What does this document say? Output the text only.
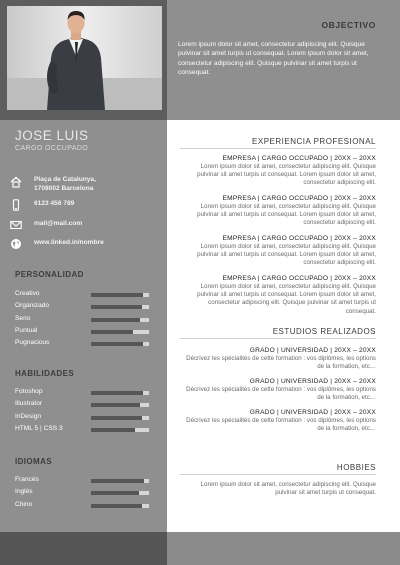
JOSE LUIS
CARGO OCCUPADO
Plaça de Catalunya,
1708002 Barcelona
6123 456 789
mail@mail.com
www.linked.in/nombre
PERSONALIDAD
Creativo
Organizado
Serio
Puntual
Pugnacious
HABILIDADES
Fotoshop
Illustrator
InDesign
HTML 5 | CSS 3
IDIOMAS
Francés
Inglés
Chino
OBJECTIVO
Lorem ipsum dolor sit amet, consectetur adipiscing elit. Quisque pulvinar sit amet turpis ut consequat. Lorem ipsum dolor sit amet, consectetur adipiscing elit. Quisque pulvinar sit amet turpis ut consequat.
EXPERIENCIA PROFESIONAL
EMPRESA | CARGO OCCUPADO | 20XX – 20XX
Lorem ipsum dolor sit amet, consectetur adipiscing elit. Quisque pulvinar sit amet turpis ut consequat. Lorem ipsum dolor sit amet, consectetur adipiscing elit.
EMPRESA | CARGO OCCUPADO | 20XX – 20XX
Lorem ipsum dolor sit amet, consectetur adipiscing elit. Quisque pulvinar sit amet turpis ut consequat. Lorem ipsum dolor sit amet, consectetur adipiscing elit.
EMPRESA | CARGO OCCUPADO | 20XX – 20XX
Lorem ipsum dolor sit amet, consectetur adipiscing elit. Quisque pulvinar sit amet turpis ut consequat. Lorem ipsum dolor sit amet, consectetur adipiscing elit.
EMPRESA | CARGO OCCUPADO | 20XX – 20XX
Lorem ipsum dolor sit amet, consectetur adipiscing elit. Quisque pulvinar sit amet turpis ut consequat. Lorem ipsum dolor sit amet, consectetur adipiscing elit. Quisque pulvinar sit amet turpis ut consequat.
ESTUDIOS REALIZADOS
GRADO | UNIVERSIDAD | 20XX – 20XX
Décrivez les spécialités de cette formation : vos diplômes, les options de la formation, etc…
GRADO | UNIVERSIDAD | 20XX – 20XX
Décrivez les spécialités de cette formation : vos diplômes, les options de la formation, etc…
GRADO | UNIVERSIDAD | 20XX – 20XX
Décrivez les spécialités de cette formation : vos diplômes, les options de la formation, etc…
HOBBIES
Lorem ipsum dolor sit amet, consectetur adipiscing elit. Quisque pulvinar sit amet turpis ut consequat.
